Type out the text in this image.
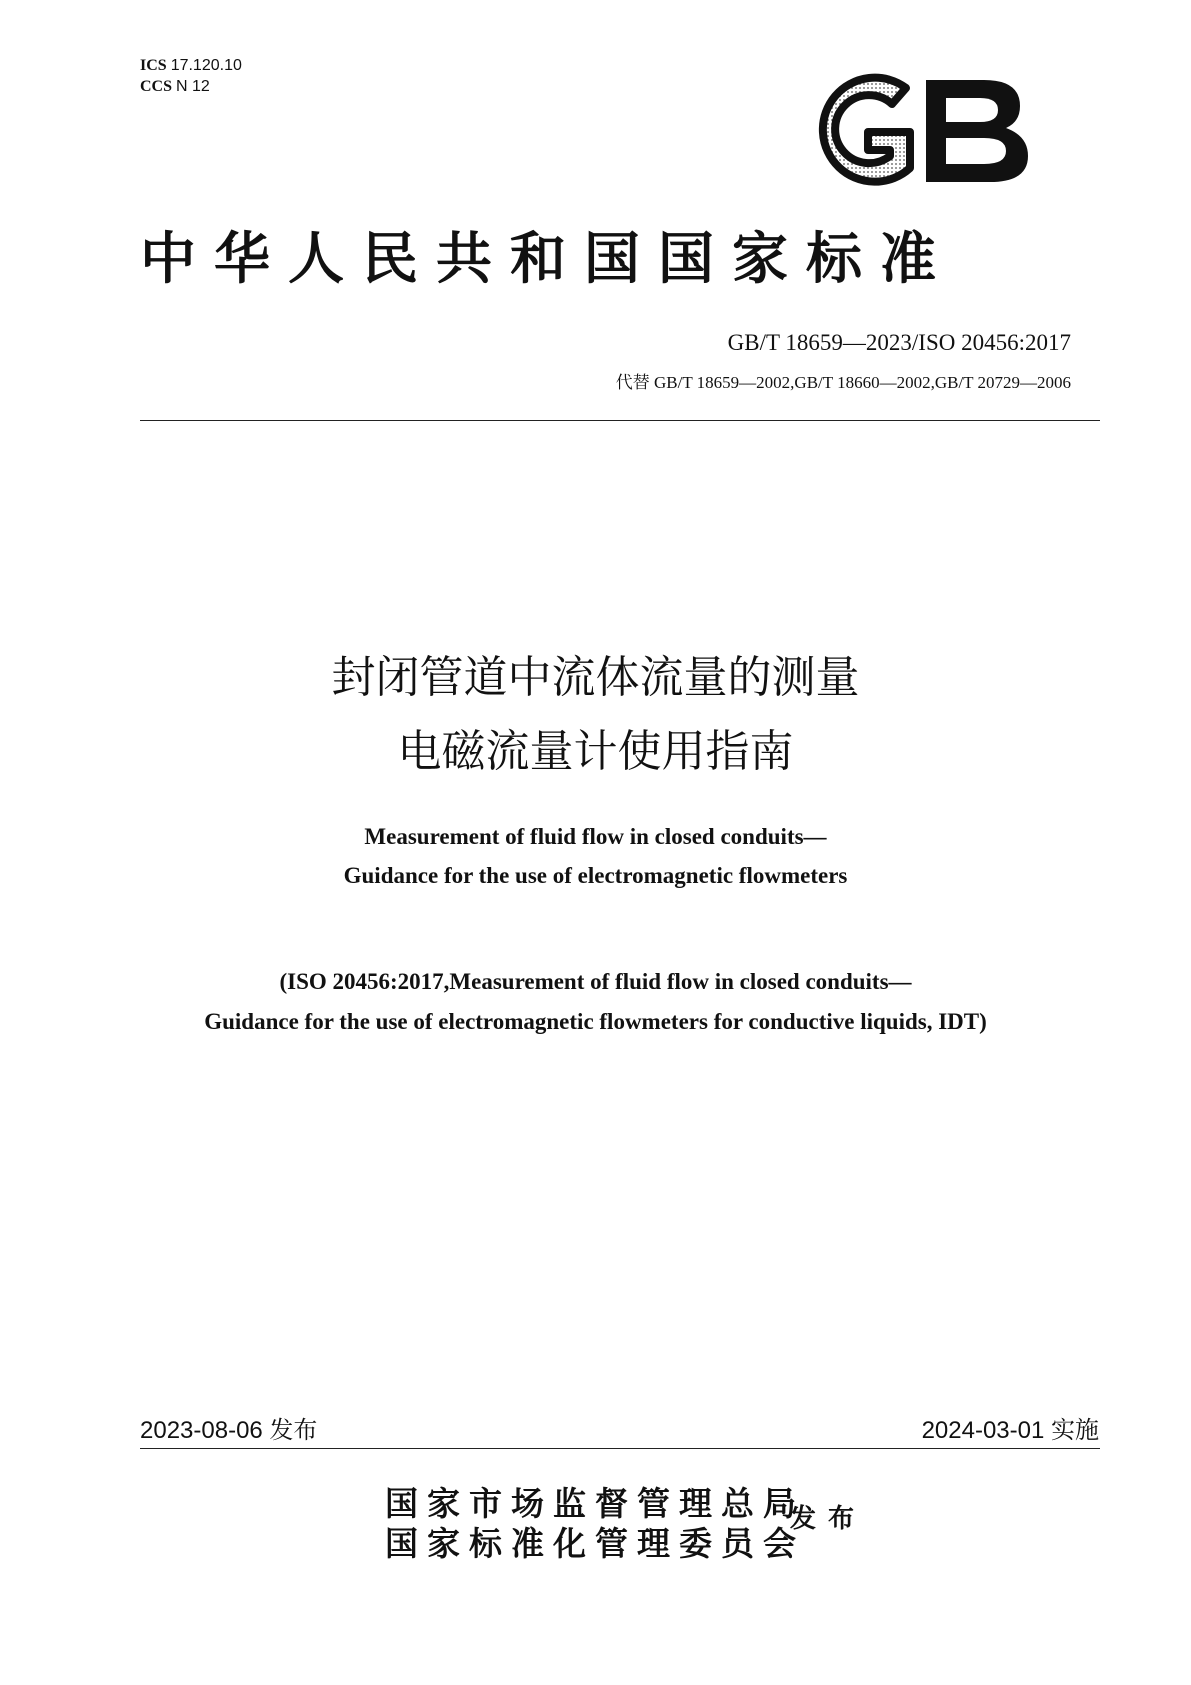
ICS 17.120.10
CCS N 12
中华人民共和国国家标准
GB/T 18659—2023/ISO 20456:2017
代替 GB/T 18659—2002,GB/T 18660—2002,GB/T 20729—2006
封闭管道中流体流量的测量
电磁流量计使用指南
Measurement of fluid flow in closed conduits—
Guidance for the use of electromagnetic flowmeters
(ISO 20456:2017,Measurement of fluid flow in closed conduits—
Guidance for the use of electromagnetic flowmeters for conductive liquids, IDT)
2023-08-06 发布	2024-03-01 实施
国家市场监督管理总局
国家标准化管理委员会
发布
